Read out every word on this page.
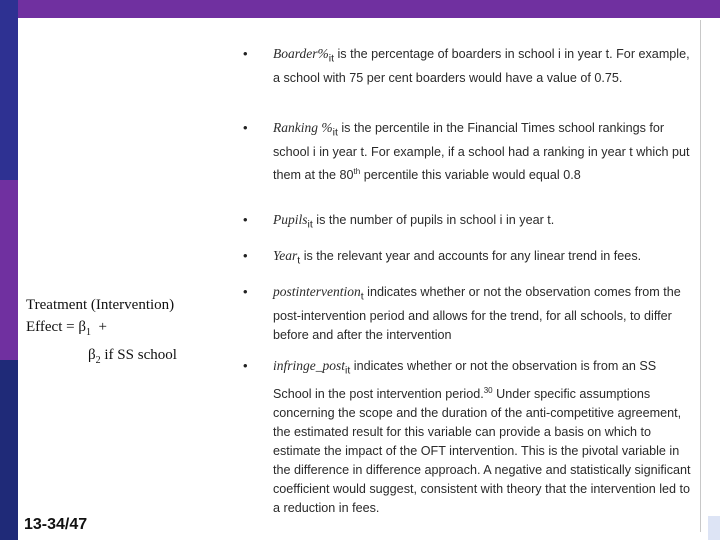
Treatment (Intervention)
Effect = $\beta_1$ +
$\beta_2$ if SS school
13-34/47
• $Boarder\%_{it}$ is the percentage of boarders in school i in year t. For example, a school with 75 per cent boarders would have a value of 0.75.
• Ranking $\%_{it}$ is the percentile in the Financial Times school rankings for school i in year t. For example, if a school had a ranking in year t which put them at the 80th percentile this variable would equal 0.8
• Pupils$_{it}$ is the number of pupils in school i in year t.
• Year$_t$ is the relevant year and accounts for any linear trend in fees.
• postintervention$_t$ indicates whether or not the observation comes from the post-intervention period and allows for the trend, for all schools, to differ before and after the intervention
• infringe_post$_{it}$ indicates whether or not the observation is from an SS School in the post intervention period.$^{30}$ Under specific assumptions concerning the scope and the duration of the anti-competitive agreement, the estimated result for this variable can provide a basis on which to estimate the impact of the OFT intervention. This is the pivotal variable in the difference in difference approach. A negative and statistically significant coefficient would suggest, consistent with theory that the intervention led to a reduction in fees.
